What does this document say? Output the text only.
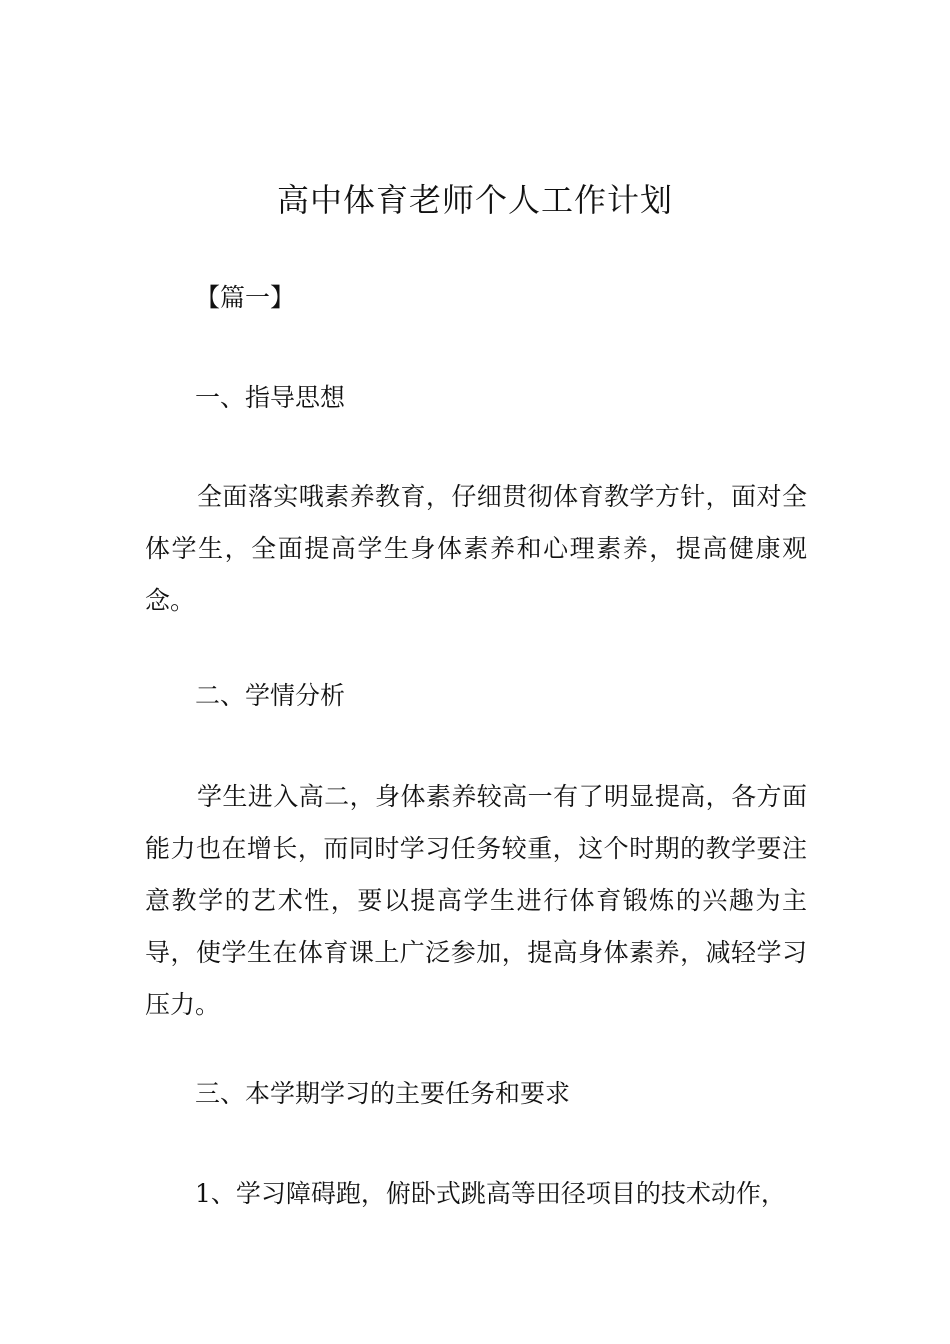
高中体育老师个人工作计划
【篇一】
一、指导思想
全面落实哦素养教育，仔细贯彻体育教学方针，面对全体学生，全面提高学生身体素养和心理素养，提高健康观念。
二、学情分析
学生进入高二，身体素养较高一有了明显提高，各方面能力也在增长，而同时学习任务较重，这个时期的教学要注意教学的艺术性，要以提高学生进行体育锻炼的兴趣为主导，使学生在体育课上广泛参加，提高身体素养，减轻学习压力。
三、本学期学习的主要任务和要求
1、学习障碍跑，俯卧式跳高等田径项目的技术动作，
